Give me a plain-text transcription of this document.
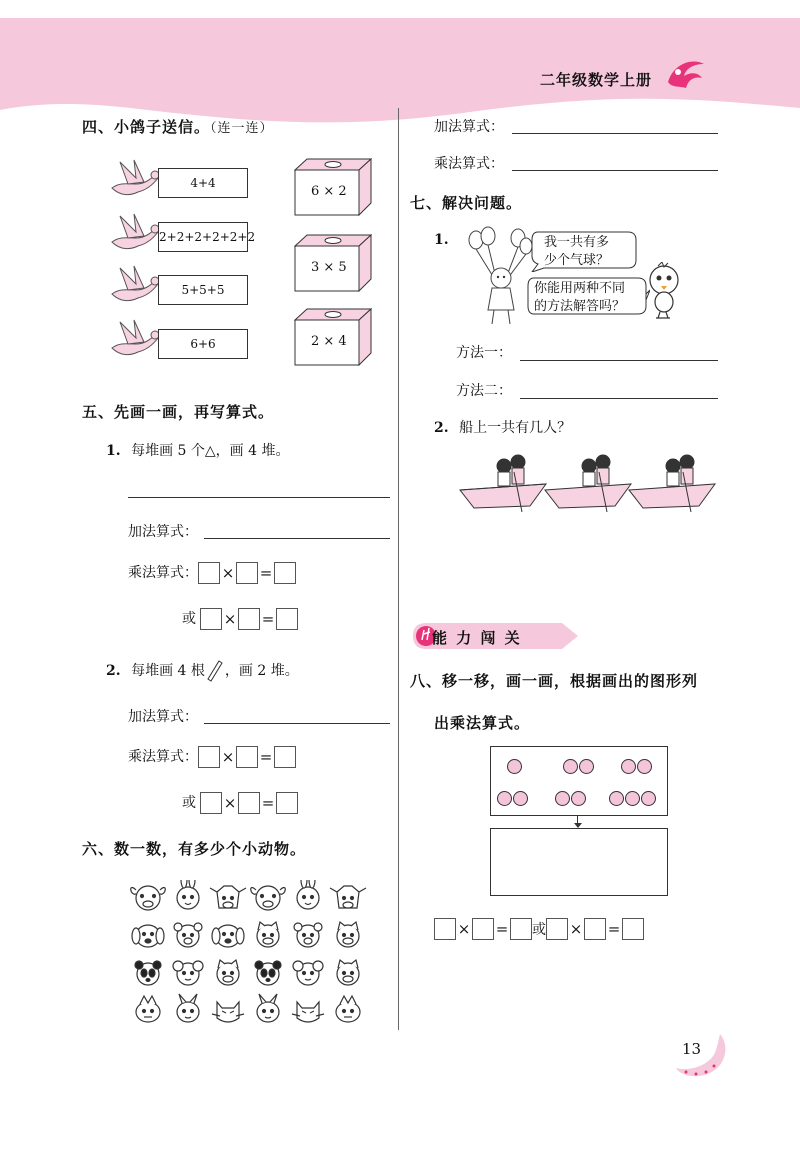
二年级数学上册
四、小鸽子送信。（连一连）
4+4
2+2+2+2+2+2
5+5+5
6+6
6 × 2
3 × 5
2 × 4
五、先画一画，再写算式。
1. 每堆画 5 个△，画 4 堆。
加法算式：
乘法算式： × =
或 × =
2. 每堆画 4 根 ，画 2 堆。
加法算式：
乘法算式： × =
或 × =
六、数一数，有多少个小动物。
加法算式：
乘法算式：
七、解决问题。
1.	我一共有多
少个气球？
你能用两种不同
的方法解答吗？
方法一：
方法二：
2. 船上一共有几人？
能 力 闯 关
八、移一移，画一画，根据画出的图形列
出乘法算式。
× = 或 × =
13
